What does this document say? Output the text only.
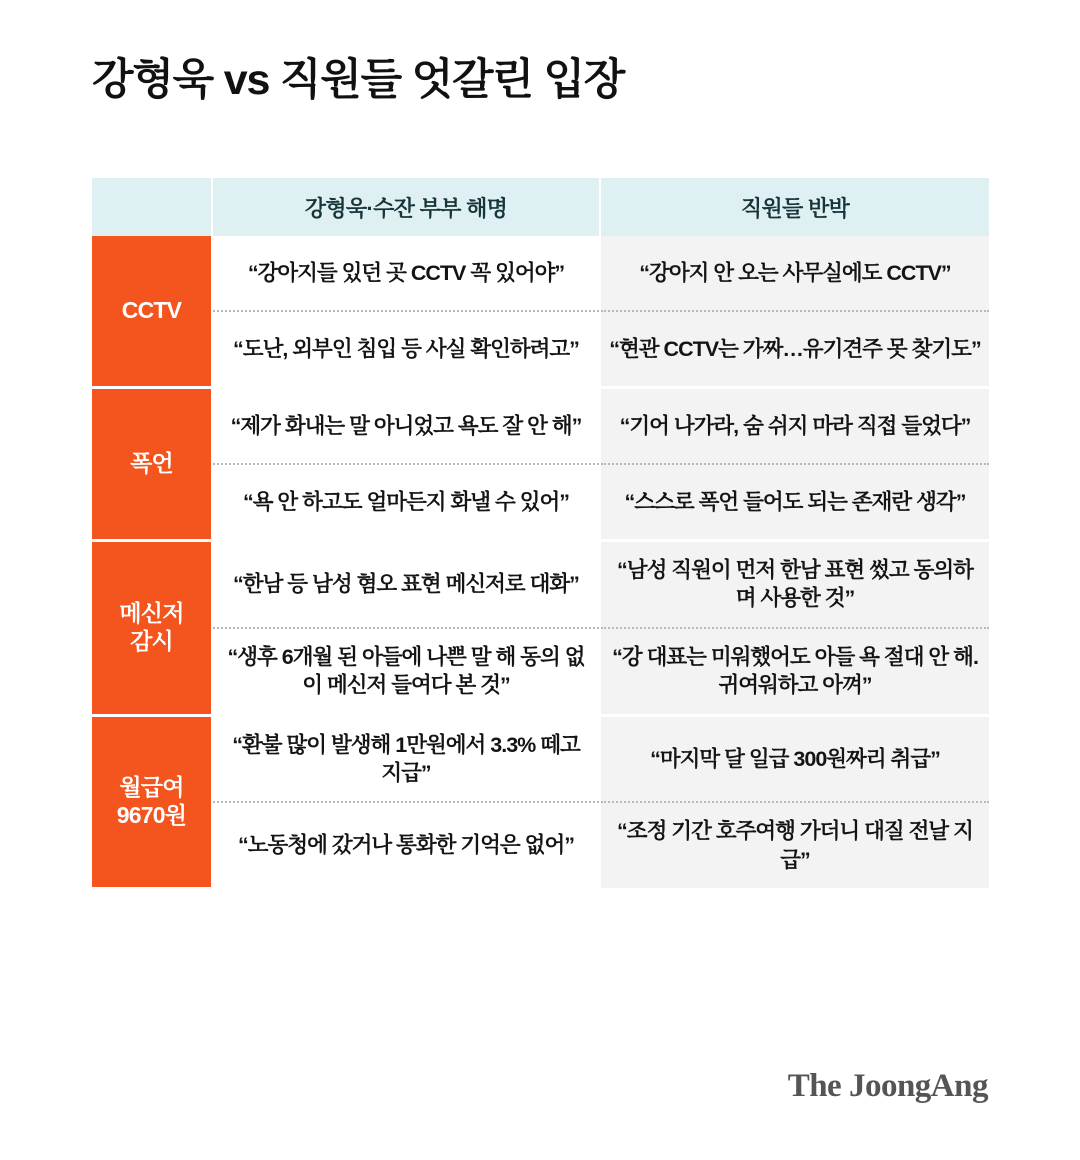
강형욱 vs 직원들 엇갈린 입장
	강형욱·수잔 부부 해명	직원들 반박

CCTV	“강아지들 있던 곳 CCTV 꼭 있어야”	“강아지 안 오는 사무실에도 CCTV”
	“도난, 외부인 침입 등 사실 확인하려고”	“현관 CCTV는 가짜…유기견주 못 찾기도”

폭언	“제가 화내는 말 아니었고 욕도 잘 안 해”	“기어 나가라, 숨 쉬지 마라 직접 들었다”
	“욕 안 하고도 얼마든지 화낼 수 있어”	“스스로 폭언 들어도 되는 존재란 생각”

메신저
감시	“한남 등 남성 혐오 표현 메신저로 대화”	“남성 직원이 먼저 한남 표현 썼고 동의하며 사용한 것”
	“생후 6개월 된 아들에 나쁜 말 해 동의 없이 메신저 들여다 본 것”	“강 대표는 미워했어도 아들 욕 절대 안 해. 귀여워하고 아껴”

월급여
9670원	“환불 많이 발생해 1만원에서 3.3% 떼고 지급”	“마지막 달 일급 300원짜리 취급”
	“노동청에 갔거나 통화한 기억은 없어”	“조정 기간 호주여행 가더니 대질 전날 지급”
The JoongAng
